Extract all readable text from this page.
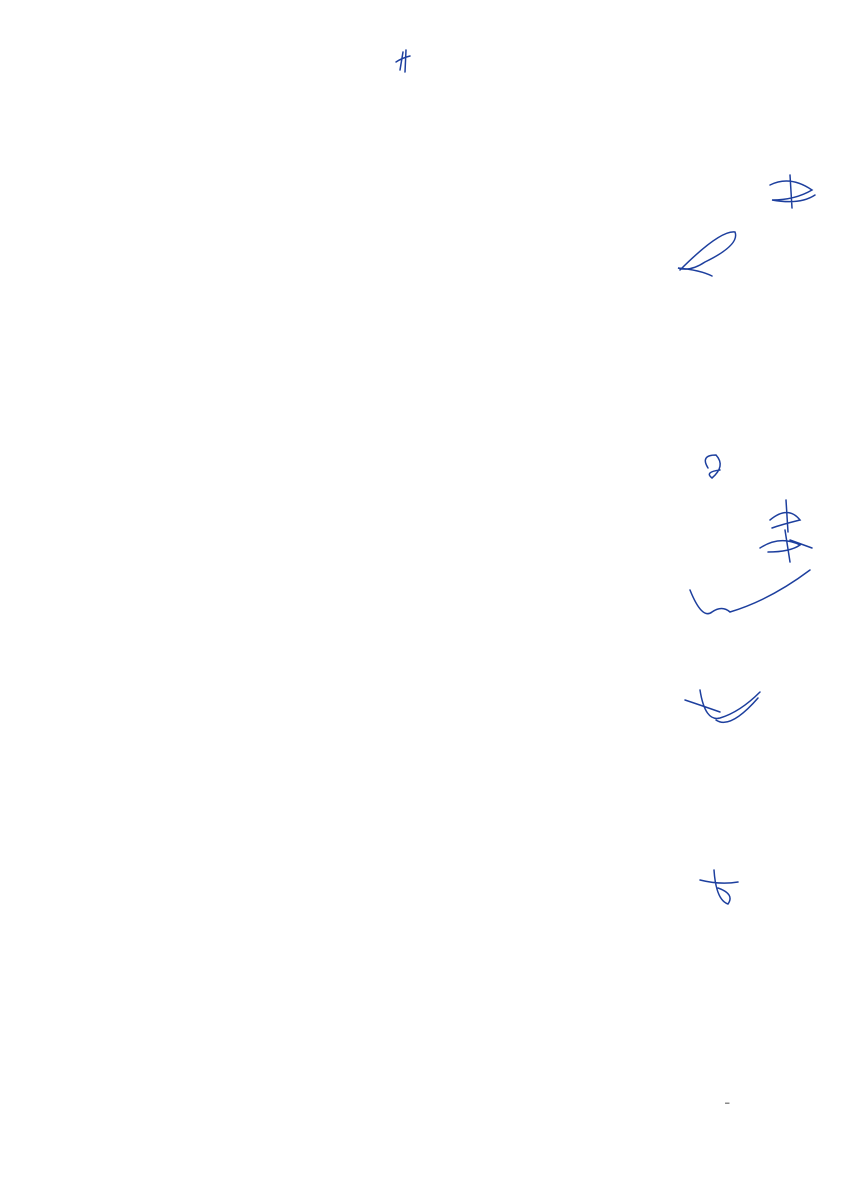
–
